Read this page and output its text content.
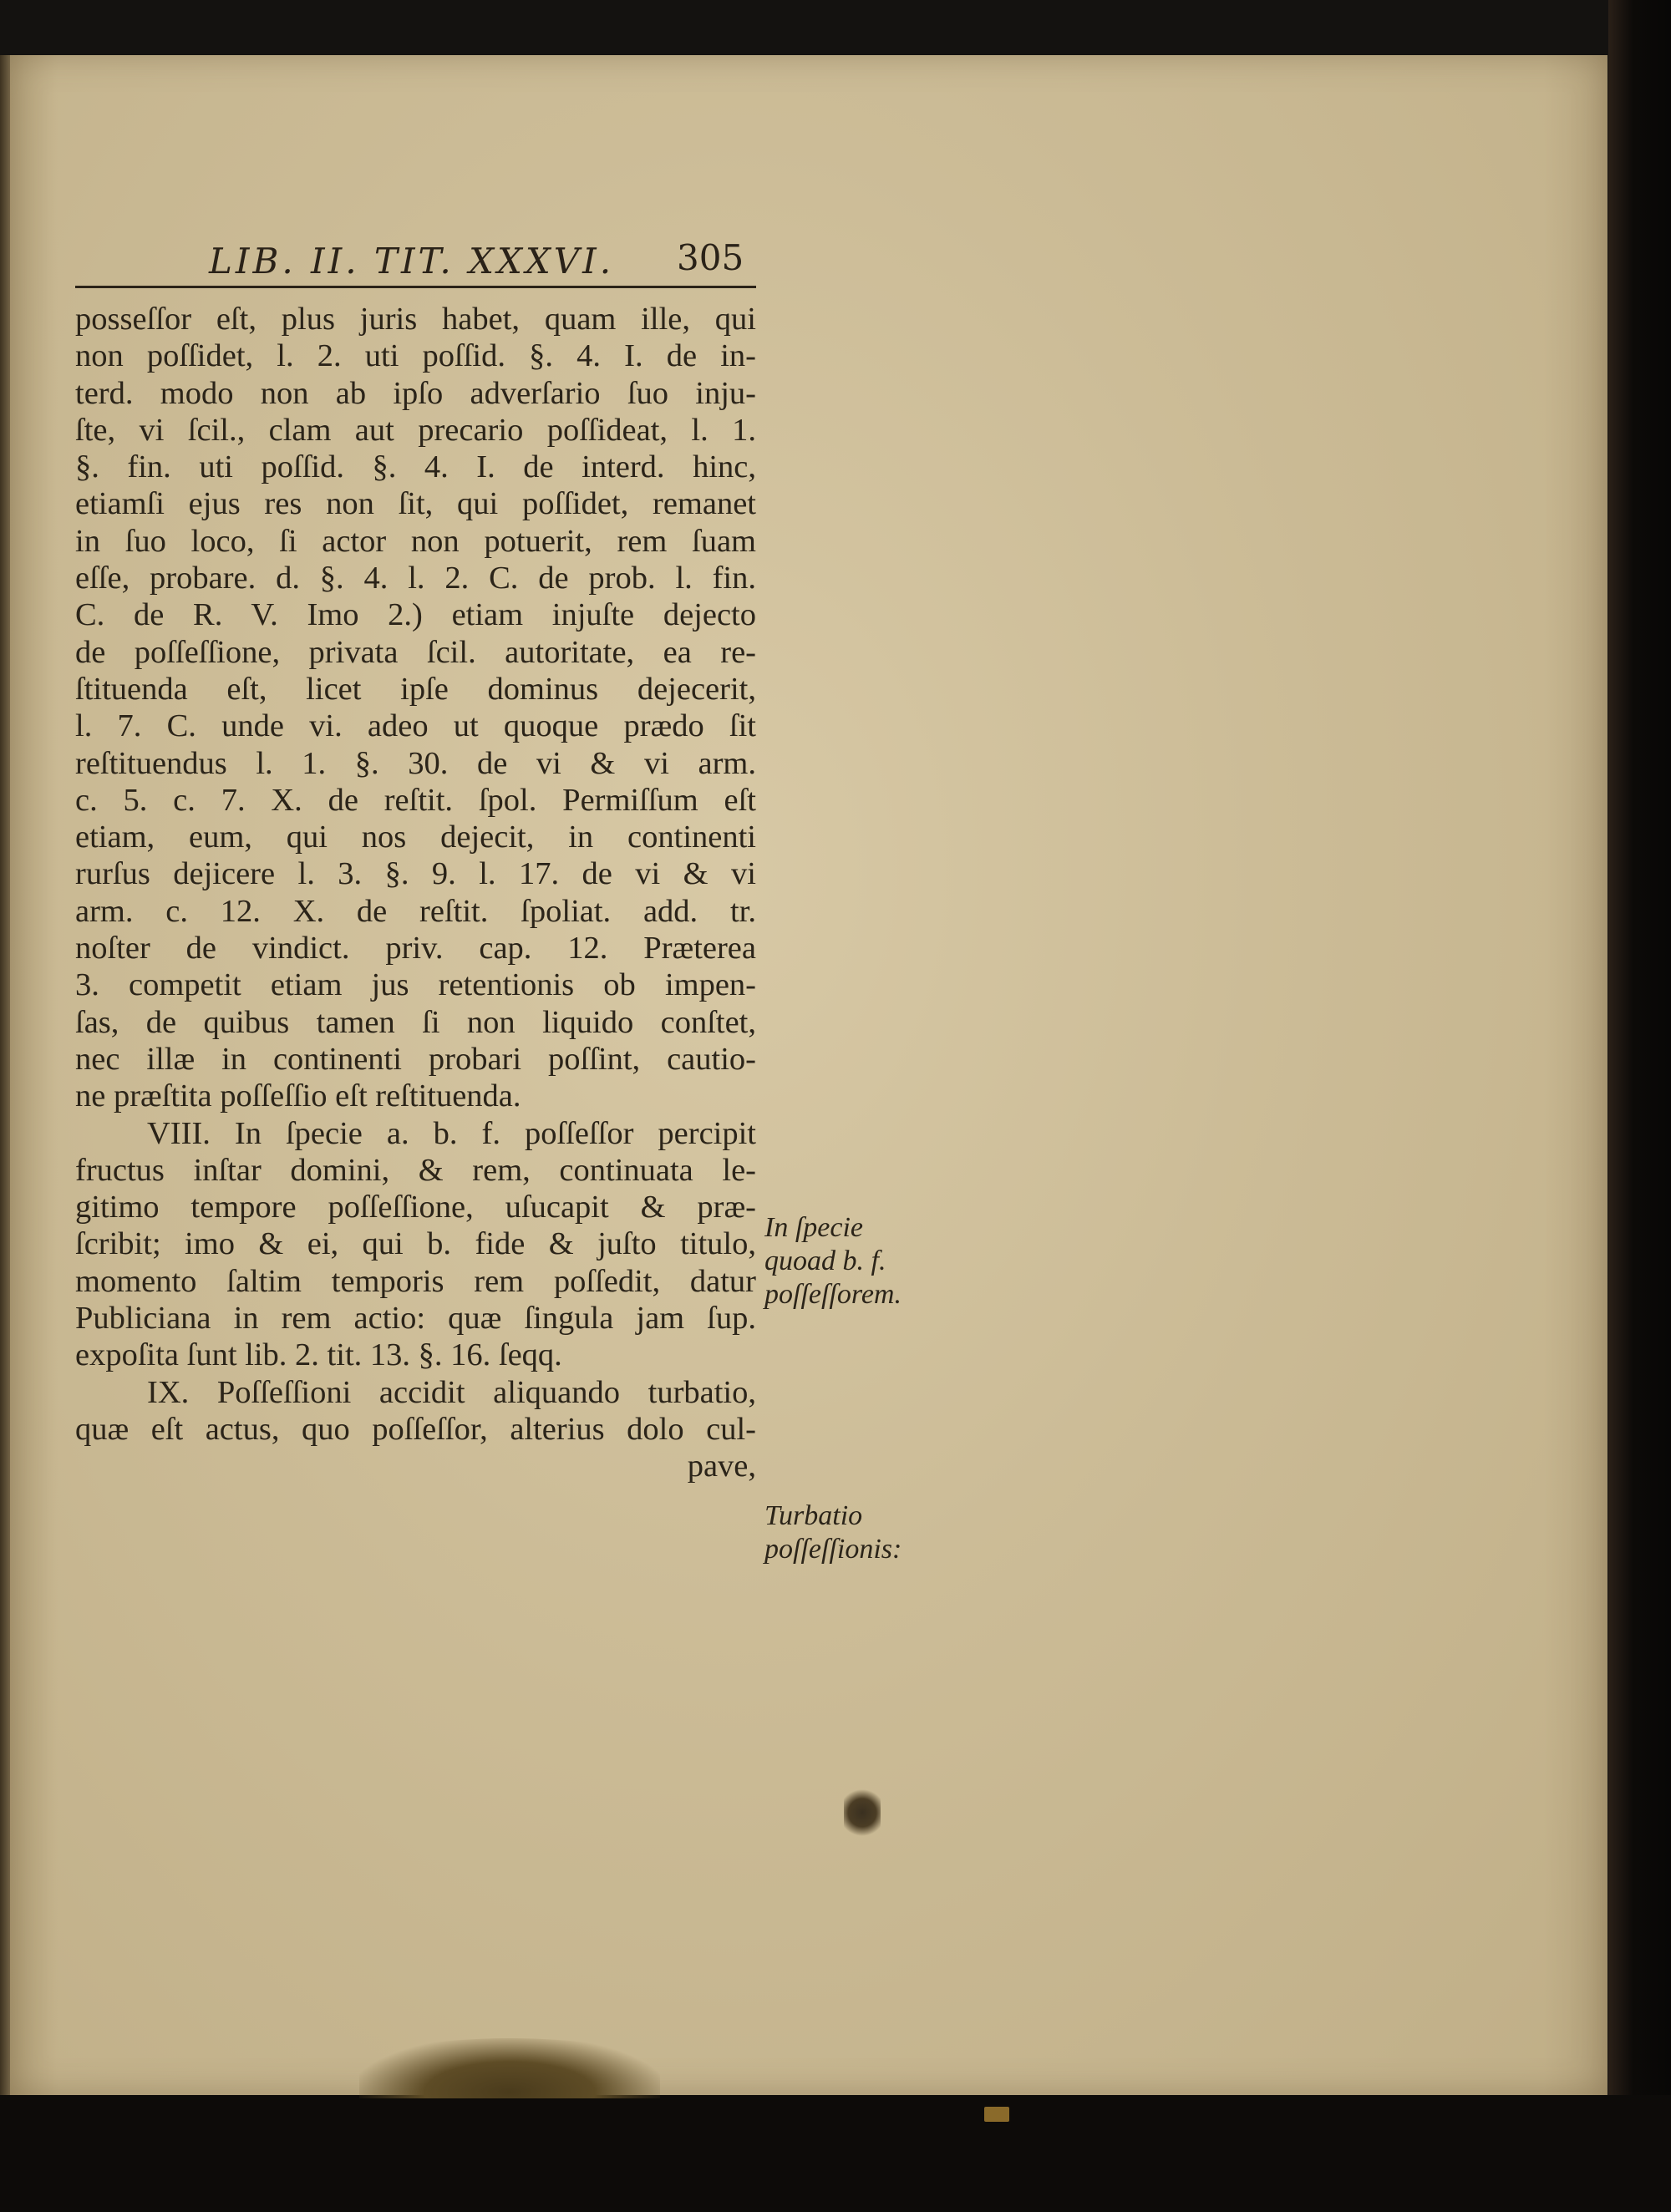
LIB. II. TIT. XXXVI. 305
posseſſor eſt, plus juris habet, quam ille, qui
non poſſidet, l. 2. uti poſſid. §. 4. I. de in-
terd. modo non ab ipſo adverſario ſuo inju-
ſte, vi ſcil., clam aut precario poſſideat, l. 1.
§. fin. uti poſſid. §. 4. I. de interd. hinc,
etiamſi ejus res non ſit, qui poſſidet, remanet
in ſuo loco, ſi actor non potuerit, rem ſuam
eſſe, probare. d. §. 4. l. 2. C. de prob. l. fin.
C. de R. V. Imo 2.) etiam injuſte dejecto
de poſſeſſione, privata ſcil. autoritate, ea re-
ſtituenda eſt, licet ipſe dominus dejecerit,
l. 7. C. unde vi. adeo ut quoque prædo ſit
reſtituendus l. 1. §. 30. de vi & vi arm.
c. 5. c. 7. X. de reſtit. ſpol. Permiſſum eſt
etiam, eum, qui nos dejecit, in continenti
rurſus dejicere l. 3. §. 9. l. 17. de vi & vi
arm. c. 12. X. de reſtit. ſpoliat. add. tr.
noſter de vindict. priv. cap. 12. Præterea
3. competit etiam jus retentionis ob impen-
ſas, de quibus tamen ſi non liquido conſtet,
nec illæ in continenti probari poſſint, cautio-
ne præſtita poſſeſſio eſt reſtituenda.
VIII. In ſpecie a. b. f. poſſeſſor percipit
fructus inſtar domini, & rem, continuata le-
gitimo tempore poſſeſſione, uſucapit & præ-
ſcribit; imo & ei, qui b. fide & juſto titulo,
momento ſaltim temporis rem poſſedit, datur
Publiciana in rem actio: quæ ſingula jam ſup.
expoſita ſunt lib. 2. tit. 13. §. 16. ſeqq.
IX. Poſſeſſioni accidit aliquando turbatio,
quæ eſt actus, quo poſſeſſor, alterius dolo cul-
pave,
In ſpecie
quoad b. f.
poſſeſſorem.
Turbatio
poſſeſſionis:
